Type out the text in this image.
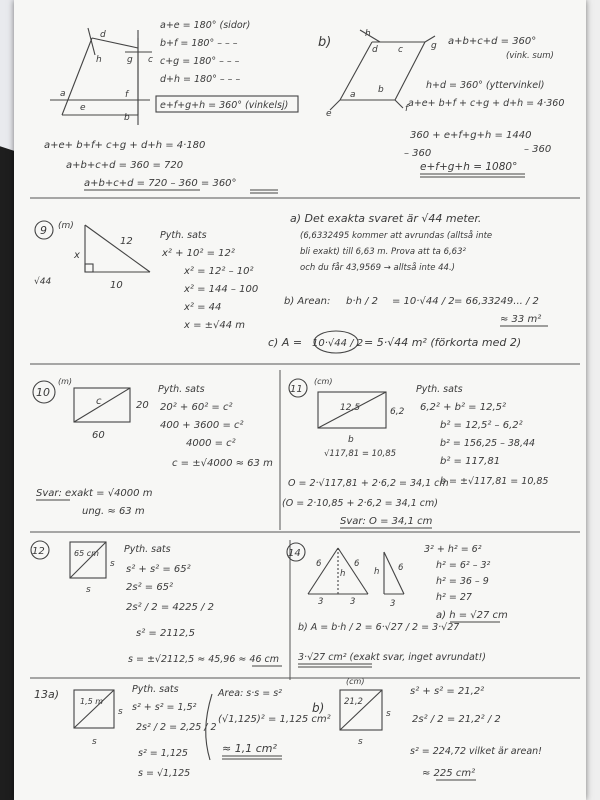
d
h	g c
a
e
f
b
a+e = 180° (sidor)
b+f = 180° – – –
c+g = 180° – – –
d+h = 180° – – –
e+f+g+h = 360° (vinkelsj)
a+e+ b+f+ c+g + d+h = 4·180
a+b+c+d = 360 = 720
a+b+c+d = 720 – 360 = 360°
b)	d c
h
g
a b
e	f
a+b+c+d = 360°
(vink. sum)
h+d = 360° (yttervinkel)
a+e+ b+f + c+g + d+h = 4·360
360 + e+f+g+h = 1440
– 360
– 360
e+f+g+h = 1080°
9 (m)
12
10
x
√44
Pyth. sats
x² + 10² = 12²
x² = 12² – 10²
x² = 144 – 100
x² = 44
x = ±√44 m
a) Det exakta svaret är √44 meter.
(6,6332495 kommer att avrundas (alltså inte
bli exakt) till 6,63 m. Prova att ta 6,63²
och du får 43,9569 → alltså inte 44.)
b) Arean: b·h / 2 = 10·√44 / 2 = 66,33249... / 2
≈ 33 m²
c) A = 10·√44 / 2 = 5·√44 m² (förkorta med 2)
10
(m)
c
60
20
Pyth. sats
20² + 60² = c²
400 + 3600 = c²
4000 = c²
c = ±√4000 ≈ 63 m
Svar: exakt = √4000 m
ung. ≈ 63 m
11
(cm)
12,5	6,2
b
√117,81 = 10,85
Pyth. sats
6,2² + b² = 12,5²
b² = 12,5² – 6,2²
b² = 156,25 – 38,44
b² = 117,81
b = ±√117,81 = 10,85
O = 2·√117,81 + 2·6,2 = 34,1 cm
(O = 2·10,85 + 2·6,2 = 34,1 cm)
Svar: O = 34,1 cm
12	65 cm
s
s
Pyth. sats
s² + s² = 65²
2s² = 65²
2s² / 2 = 4225 / 2
s² = 2112,5
s = ±√2112,5 ≈ 45,96 ≈ 46 cm
14
6	6
h
3	3
h 6
3
3² + h² = 6²
h² = 6² – 3²
h² = 36 – 9
h² = 27
a) h = √27 cm
b) A = b·h / 2 = 6·√27 / 2 = 3·√27
3·√27 cm² (exakt svar, inget avrundat!)
13a)
1,5 m
s
s
Pyth. sats
s² + s² = 1,5²
2s² / 2 = 2,25 / 2
s² = 1,125
s = √1,125
Area: s·s = s²
(√1,125)² = 1,125 cm²
≈ 1,1 cm²
b)
(cm)
21,2
s
s
s² + s² = 21,2²
2s² / 2 = 21,2² / 2
s² = 224,72 vilket är arean!
≈ 225 cm²
